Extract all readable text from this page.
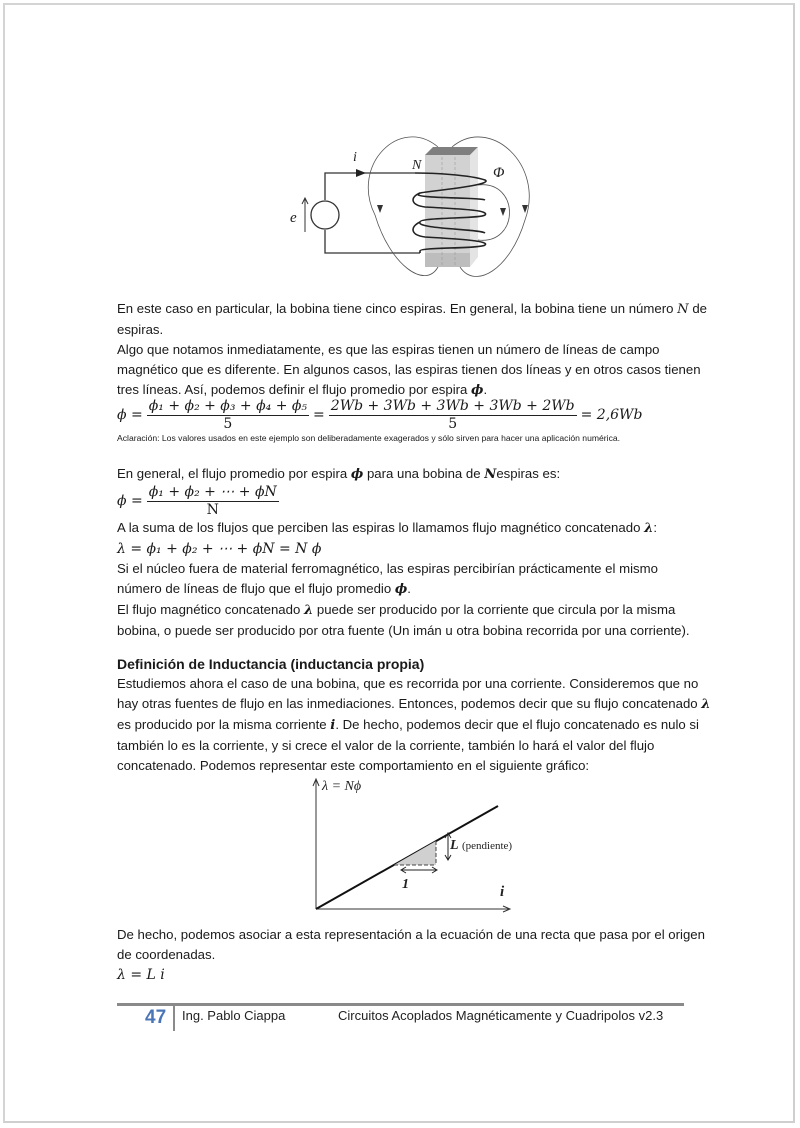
i
N	Φ
e

En este caso en particular, la bobina tiene cinco espiras. En general, la bobina tiene un número N de

espiras.

Algo que notamos inmediatamente, es que las espiras tienen un número de líneas de campo

magnético que es diferente. En algunos casos, las espiras tienen dos líneas y en otros casos tienen

tres líneas. Así, podemos definir el flujo promedio por espira ϕ.

$\phi = \frac{\text{ϕ₁ + ϕ₂ + ϕ₃ + ϕ₄ + ϕ₅}}{5} = \frac{2Wb + 3Wb + 3Wb + 3Wb + 2Wb}{5} = 2,6Wb$

Aclaración: Los valores usados en este ejemplo son deliberadamente exagerados y sólo sirven para hacer una aplicación numérica.

En general, el flujo promedio por espira ϕ para una bobina de Nespiras es:

$\phi = \frac{\text{ϕ₁ + ϕ₂ + ⋯ + ϕN}}{N}$

A la suma de los flujos que perciben las espiras lo llamamos flujo magnético concatenado λ:

λ = ϕ₁ + ϕ₂ + ⋯ + ϕN = N ϕ

Si el núcleo fuera de material ferromagnético, las espiras percibirían prácticamente el mismo

número de líneas de flujo que el flujo promedio ϕ.

El flujo magnético concatenado λ puede ser producido por la corriente que circula por la misma

bobina, o puede ser producido por otra fuente (Un imán u otra bobina recorrida por una corriente).

Definición de Inductancia (inductancia propia)

Estudiemos ahora el caso de una bobina, que es recorrida por una corriente. Consideremos que no

hay otras fuentes de flujo en las inmediaciones. Entonces, podemos decir que su flujo concatenado λ

es producido por la misma corriente i. De hecho, podemos decir que el flujo concatenado es nulo si

también lo es la corriente, y si crece el valor de la corriente, también lo hará el valor del flujo

concatenado. Podemos representar este comportamiento en el siguiente gráfico:

λ = Nϕ
i
L (pendiente)
1

De hecho, podemos asociar a esta representación a la ecuación de una recta que pasa por el origen

de coordenadas.

λ = L i

47 Ing. Pablo Ciappa	Circuitos Acoplados Magnéticamente y Cuadripolos v2.3
